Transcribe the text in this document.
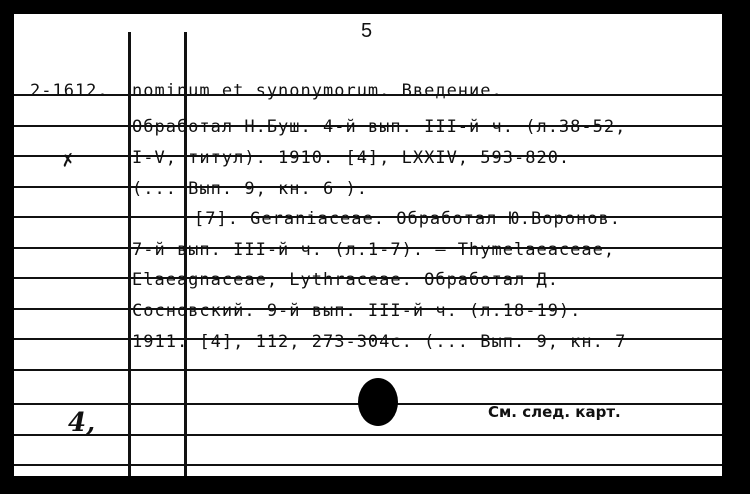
5
2-1612.
✗
nominum et synonymorum. Введение.
Обработал Н.Буш. 4-й вып. III-й ч. (л.38-52,
I-V, титул). 1910. [4], LXXIV, 593-820.
(... Вып. 9, кн. 6 ).
[7]. Geraniaceae. Обработал Ю.Воронов.
7-й вып. III-й ч. (л.1-7). — Thymelaeaceae,
Elaeagnaceae, Lythraceae. Обработал Д.
Сосновский. 9-й вып. III-й ч. (л.18-19).
1911. [4], 112, 273-304с. (... Вып. 9, кн. 7
См. след. карт.
4,
